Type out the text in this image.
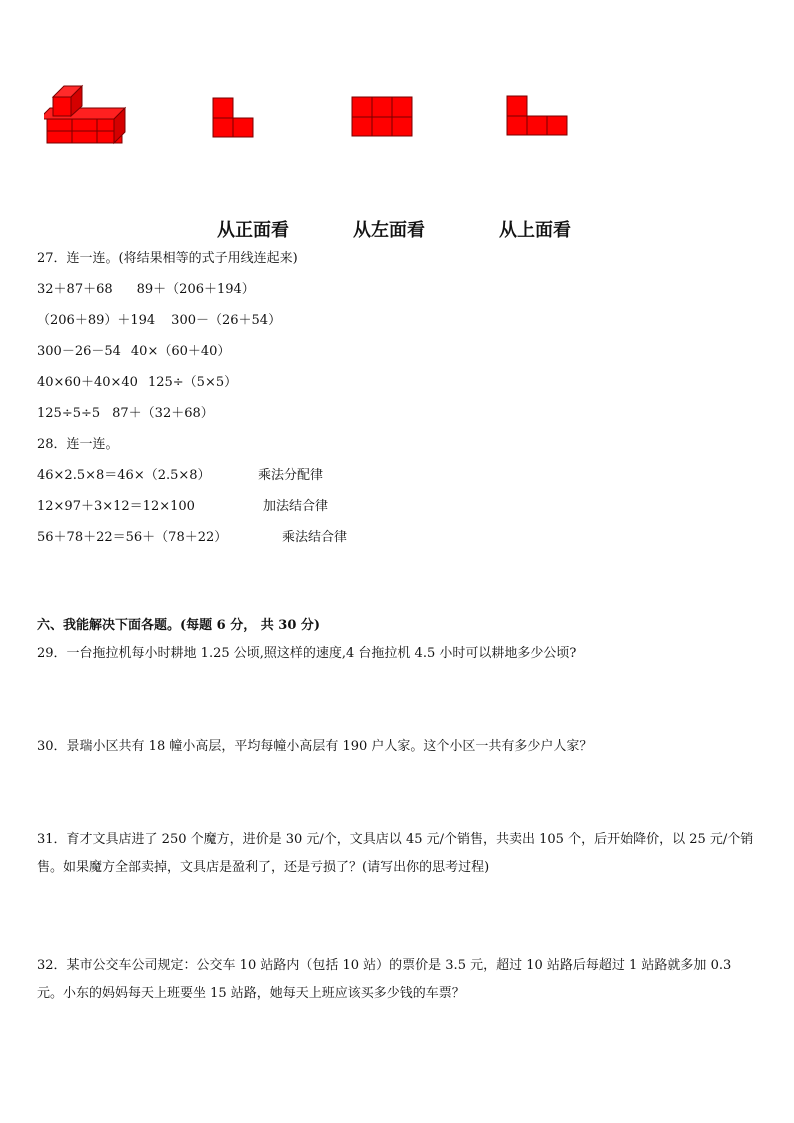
从正面看	从左面看	从上面看
27．连一连。(将结果相等的式子用线连起来)
32＋87＋68 89＋（206＋194）
（206＋89）＋194 300－（26＋54）
300－26－54 40×（60＋40）
40×60＋40×40 125÷（5×5）
125÷5÷5 87＋（32＋68）
28．连一连。
46×2.5×8＝46×（2.5×8）	乘法分配律
12×97＋3×12＝12×100	加法结合律
56＋78＋22＝56＋（78＋22）	乘法结合律
六、我能解决下面各题。(每题 6 分， 共 30 分)
29．一台拖拉机每小时耕地 1.25 公顷,照这样的速度,4 台拖拉机 4.5 小时可以耕地多少公顷?
30．景瑞小区共有 18 幢小高层，平均每幢小高层有 190 户人家。这个小区一共有多少户人家？
31．育才文具店进了 250 个魔方，进价是 30 元/个，文具店以 45 元/个销售，共卖出 105 个，后开始降价，以 25 元/个销售。如果魔方全部卖掉，文具店是盈利了，还是亏损了？(请写出你的思考过程)
32．某市公交车公司规定：公交车 10 站路内（包括 10 站）的票价是 3.5 元，超过 10 站路后每超过 1 站路就多加 0.3 元。小东的妈妈每天上班要坐 15 站路，她每天上班应该买多少钱的车票？
